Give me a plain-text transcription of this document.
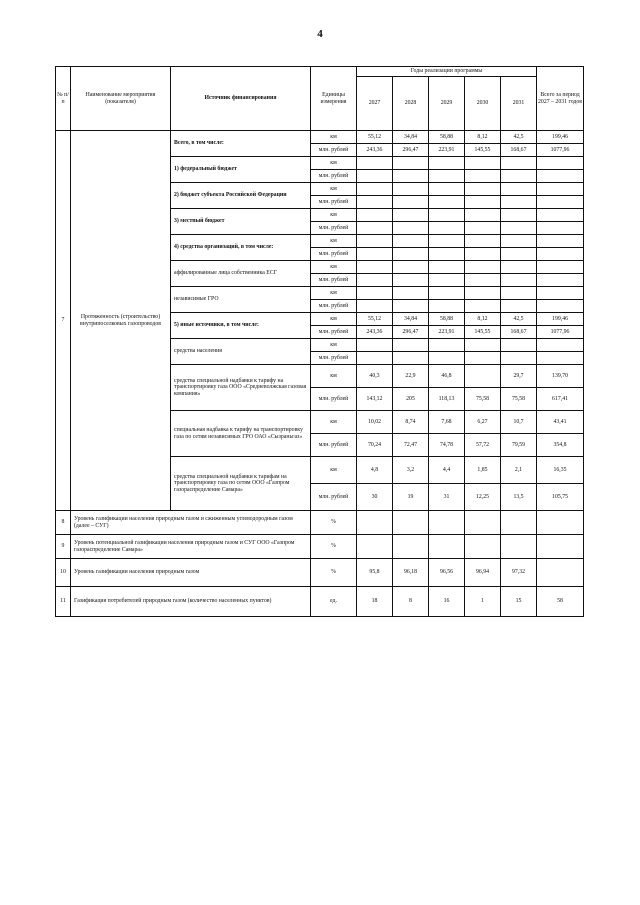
4
№ п/п	Наименование мероприятия (показателя)	Источник финансирования	Единицы измерения	Годы реализации программы					Всего за период 2027 – 2031 годов
				2027	2028	2029	2030	2031	
7	Протяженность (строительство) внутрипоселковых газопроводов	Всего, в том числе:	км	55,12	34,84	58,88	8,12	42,5	199,46
			млн. рублей	243,36	296,47	223,91	145,55	168,67	1077,96
		1) федеральный бюджет	км						
			млн. рублей						
		2) бюджет субъекта Российской Федерации	км						
			млн. рублей						
		3) местный бюджет	км						
			млн. рублей						
		4) средства организаций, в том числе:	км						
			млн. рублей						
		аффилированные лица собственника ЕСГ	км						
			млн. рублей						
		независимые ГРО	км						
			млн. рублей						
		5) иные источники, в том числе:	км	55,12	34,84	58,88	8,12	42,5	199,46
			млн. рублей	243,36	296,47	223,91	145,55	168,67	1077,96
		средства населения	км						
			млн. рублей						
		средства специальной надбавки к тарифу на транспортировку газа ООО «Средневолжская газовая компания»	км	40,3	22,9	46,8		29,7	139,70
			млн. рублей	143,12	205	118,13	75,58	75,58	617,41
		специальная надбавка к тарифу на транспортировку газа по сетям независимых ГРО ОАО «Сызраньгаз»	км	10,02	8,74	7,68	6,27	10,7	43,41
			млн. рублей	70,24	72,47	74,78	57,72	79,59	354,8
		средства специальной надбавки к тарифам на транспортировку газа по сетям ООО «Газпром газораспределение Самара»	км	4,8	3,2	4,4	1,85	2,1	16,35
			млн. рублей	30	19	31	12,25	13,5	105,75
8	Уровень газификации населения природным газом и сжиженным углеводородным газом (далее – СУГ)		%						
9	Уровень потенциальной газификации населения природным газом и СУГ ООО «Газпром газораспределение Самара»		%						
10	Уровень газификации населения природным газом		%	95,8	96,18	96,56	96,94	97,32	
11	Газификация потребителей природным газом (количество населенных пунктов)		ед.	18	8	16	1	15	58
